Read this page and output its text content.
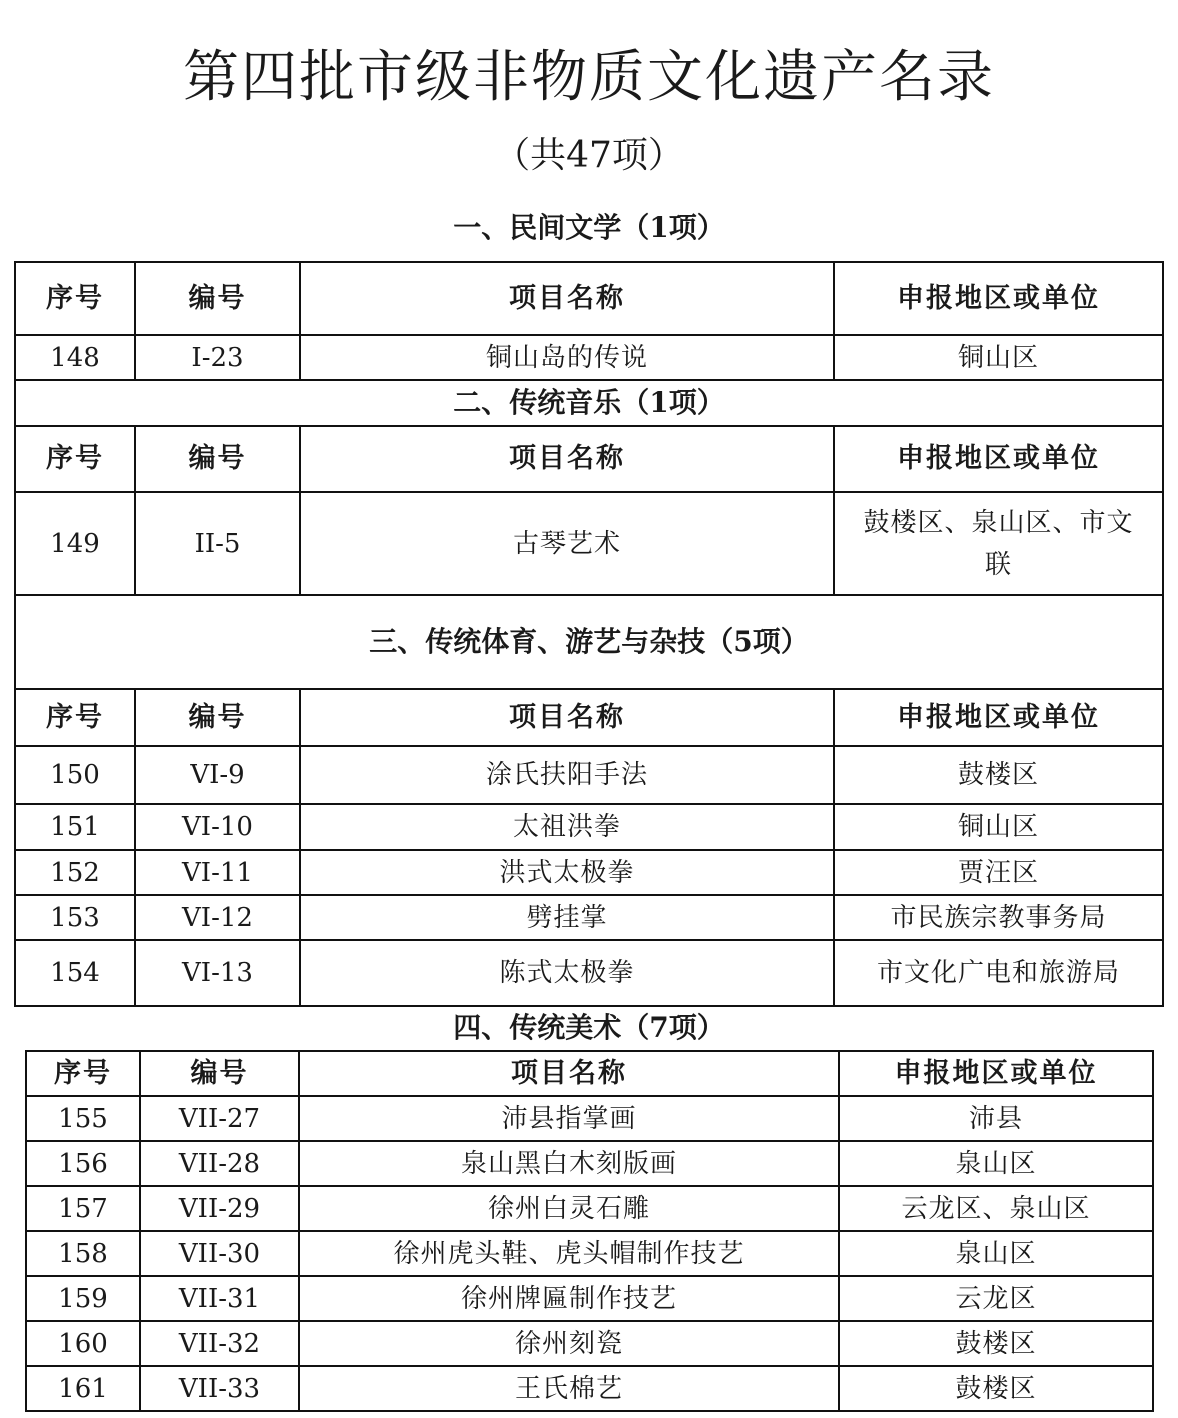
第四批市级非物质文化遗产名录
（共47项）
一、民间文学（1项）
序号	编号	项目名称	申报地区或单位
148	I-23	铜山岛的传说	铜山区
二、传统音乐（1项）			
序号	编号	项目名称	申报地区或单位
149	II-5	古琴艺术	鼓楼区、泉山区、市文联
三、传统体育、游艺与杂技（5项）			
序号	编号	项目名称	申报地区或单位
150	VI-9	涂氏扶阳手法	鼓楼区
151	VI-10	太祖洪拳	铜山区
152	VI-11	洪式太极拳	贾汪区
153	VI-12	劈挂掌	市民族宗教事务局
154	VI-13	陈式太极拳	市文化广电和旅游局
四、传统美术（7项）
序号	编号	项目名称	申报地区或单位
155	VII-27	沛县指掌画	沛县
156	VII-28	泉山黑白木刻版画	泉山区
157	VII-29	徐州白灵石雕	云龙区、泉山区
158	VII-30	徐州虎头鞋、虎头帽制作技艺	泉山区
159	VII-31	徐州牌匾制作技艺	云龙区
160	VII-32	徐州刻瓷	鼓楼区
161	VII-33	王氏棉艺	鼓楼区
